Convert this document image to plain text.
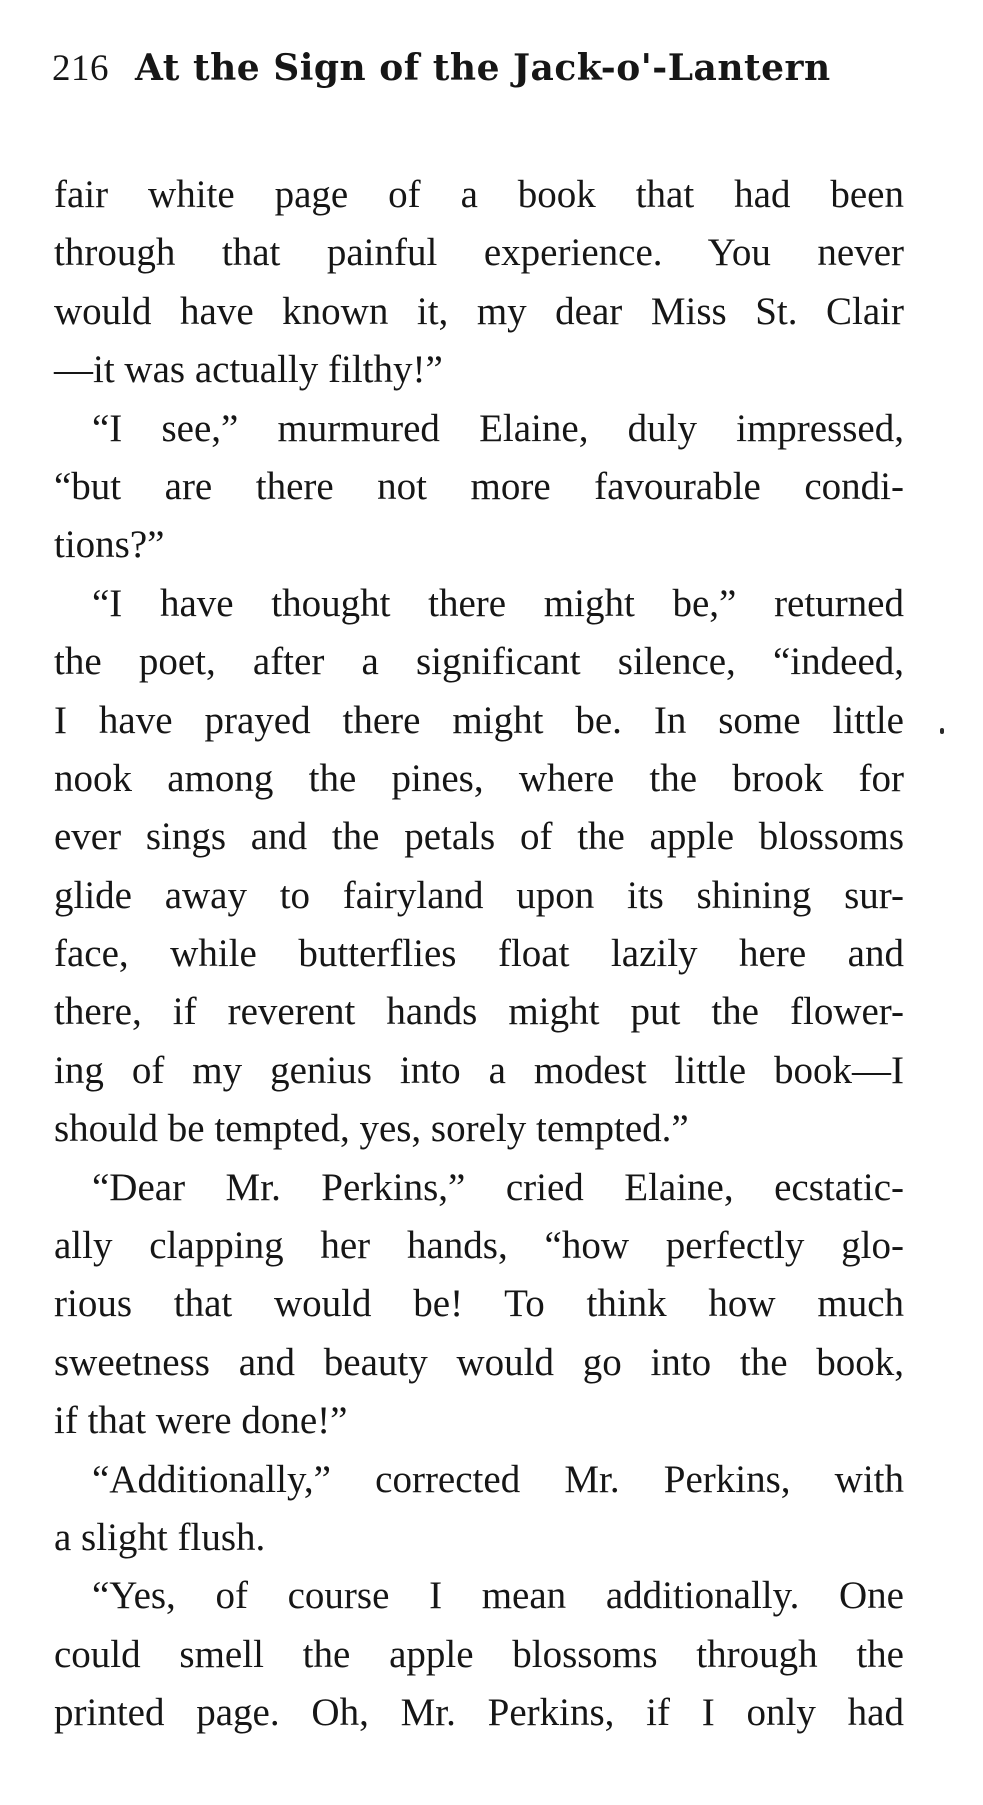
216 At the Sign of the Jack-o'-Lantern
fair white page of a book that had been
through that painful experience. You never
would have known it, my dear Miss St. Clair
—it was actually filthy!”
“I see,” murmured Elaine, duly impressed,
“but are there not more favourable condi-
tions?”
“I have thought there might be,” returned
the poet, after a significant silence, “indeed,
I have prayed there might be. In some little
nook among the pines, where the brook for
ever sings and the petals of the apple blossoms
glide away to fairyland upon its shining sur-
face, while butterflies float lazily here and
there, if reverent hands might put the flower-
ing of my genius into a modest little book—I
should be tempted, yes, sorely tempted.”
“Dear Mr. Perkins,” cried Elaine, ecstatic-
ally clapping her hands, “how perfectly glo-
rious that would be! To think how much
sweetness and beauty would go into the book,
if that were done!”
“Additionally,” corrected Mr. Perkins, with
a slight flush.
“Yes, of course I mean additionally. One
could smell the apple blossoms through the
printed page. Oh, Mr. Perkins, if I only had
